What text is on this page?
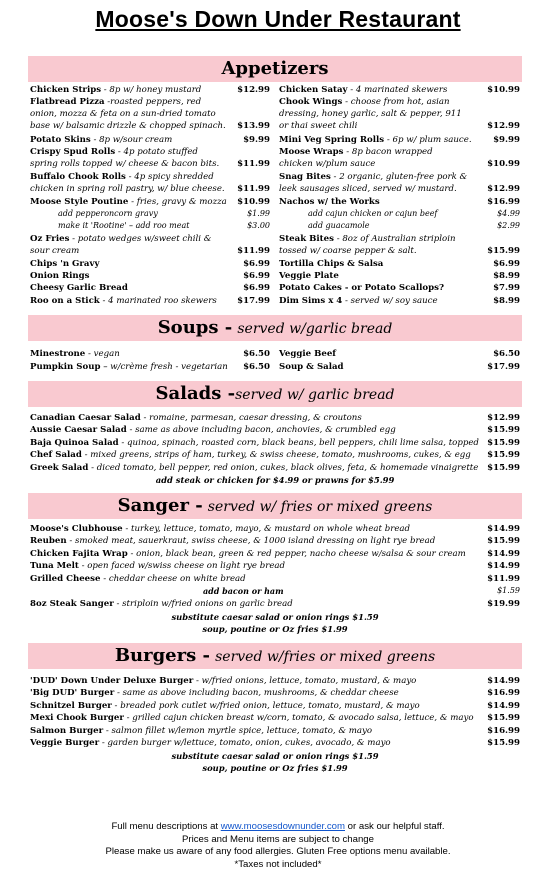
Moose's Down Under Restaurant
Appetizers
Chicken Strips - 8p w/ honey mustard	$12.99
Flatbread Pizza -roasted peppers, red onion, mozza & feta on a sun-dried tomato base w/ balsamic drizzle & chopped spinach.	$13.99
Potato Skins - 8p w/sour cream	$9.99
Crispy Spud Rolls - 4p potato stuffed spring rolls topped w/ cheese & bacon bits.	$11.99
Buffalo Chook Rolls - 4p spicy shredded chicken in spring roll pastry, w/ blue cheese.	$11.99
Moose Style Poutine - fries, gravy & mozza	$10.99
add pepperoncorn gravy	$1.99
make it 'Rootine' – add roo meat	$3.00
Oz Fries - potato wedges w/sweet chili & sour cream	$11.99
Chips 'n Gravy	$6.99
Onion Rings	$6.99
Cheesy Garlic Bread	$6.99
Roo on a Stick - 4 marinated roo skewers	$17.99
Chicken Satay - 4 marinated skewers	$10.99
Chook Wings - choose from hot, asian dressing, honey garlic, salt & pepper, 911 or thai sweet chili	$12.99
Mini Veg Spring Rolls - 6p w/ plum sauce.	$9.99
Moose Wraps - 8p bacon wrapped chicken w/plum sauce	$10.99
Snag Bites - 2 organic, gluten-free pork & leek sausages sliced, served w/ mustard.	$12.99
Nachos w/ the Works	$16.99
add cajun chicken or cajun beef	$4.99
add guacamole	$2.99
Steak Bites - 8oz of Australian striploin tossed w/ coarse pepper & salt.	$15.99
Tortilla Chips & Salsa	$6.99
Veggie Plate	$8.99
Potato Cakes - or Potato Scallops?	$7.99
Dim Sims x 4 - served w/ soy sauce	$8.99
Soups - served w/garlic bread
Minestrone - vegan	$6.50
Pumpkin Soup – w/crème fresh - vegetarian	$6.50
Veggie Beef	$6.50
Soup & Salad	$17.99
Salads -served w/ garlic bread
Canadian Caesar Salad - romaine, parmesan, caesar dressing, & croutons	$12.99
Aussie Caesar Salad - same as above including bacon, anchovies, & crumbled egg	$15.99
Baja Quinoa Salad - quinoa, spinach, roasted corn, black beans, bell peppers, chili lime salsa, topped $15.99
Chef Salad - mixed greens, strips of ham, turkey, & swiss cheese, tomato, mushrooms, cukes, & egg	$15.99
Greek Salad - diced tomato, bell pepper, red onion, cukes, black olives, feta, & homemade vinaigrette	$15.99
add steak or chicken for $4.99 or prawns for $5.99
Sanger - served w/ fries or mixed greens
Moose's Clubhouse - turkey, lettuce, tomato, mayo, & mustard on whole wheat bread	$14.99
Reuben - smoked meat, sauerkraut, swiss cheese, & 1000 island dressing on light rye bread	$15.99
Chicken Fajita Wrap - onion, black bean, green & red pepper, nacho cheese w/salsa & sour cream	$14.99
Tuna Melt - open faced w/swiss cheese on light rye bread	$14.99
Grilled Cheese - cheddar cheese on white bread	$11.99
add bacon or ham	$1.59
8oz Steak Sanger - striploin w/fried onions on garlic bread	$19.99
substitute caesar salad or onion rings $1.59
soup, poutine or Oz fries $1.99
Burgers - served w/fries or mixed greens
'DUD' Down Under Deluxe Burger - w/fried onions, lettuce, tomato, mustard, & mayo	$14.99
'Big DUD' Burger - same as above including bacon, mushrooms, & cheddar cheese	$16.99
Schnitzel Burger - breaded pork cutlet w/fried onion, lettuce, tomato, mustard, & mayo	$14.99
Mexi Chook Burger - grilled cajun chicken breast w/corn, tomato, & avocado salsa, lettuce, & mayo	$15.99
Salmon Burger - salmon fillet w/lemon myrtle spice, lettuce, tomato, & mayo	$16.99
Veggie Burger - garden burger w/lettuce, tomato, onion, cukes, avocado, & mayo	$15.99
substitute caesar salad or onion rings $1.59
soup, poutine or Oz fries $1.99
Full menu descriptions at www.moosesdownunder.com or ask our helpful staff.
Prices and Menu items are subject to change
Please make us aware of any food allergies. Gluten Free options menu available.
*Taxes not included*
